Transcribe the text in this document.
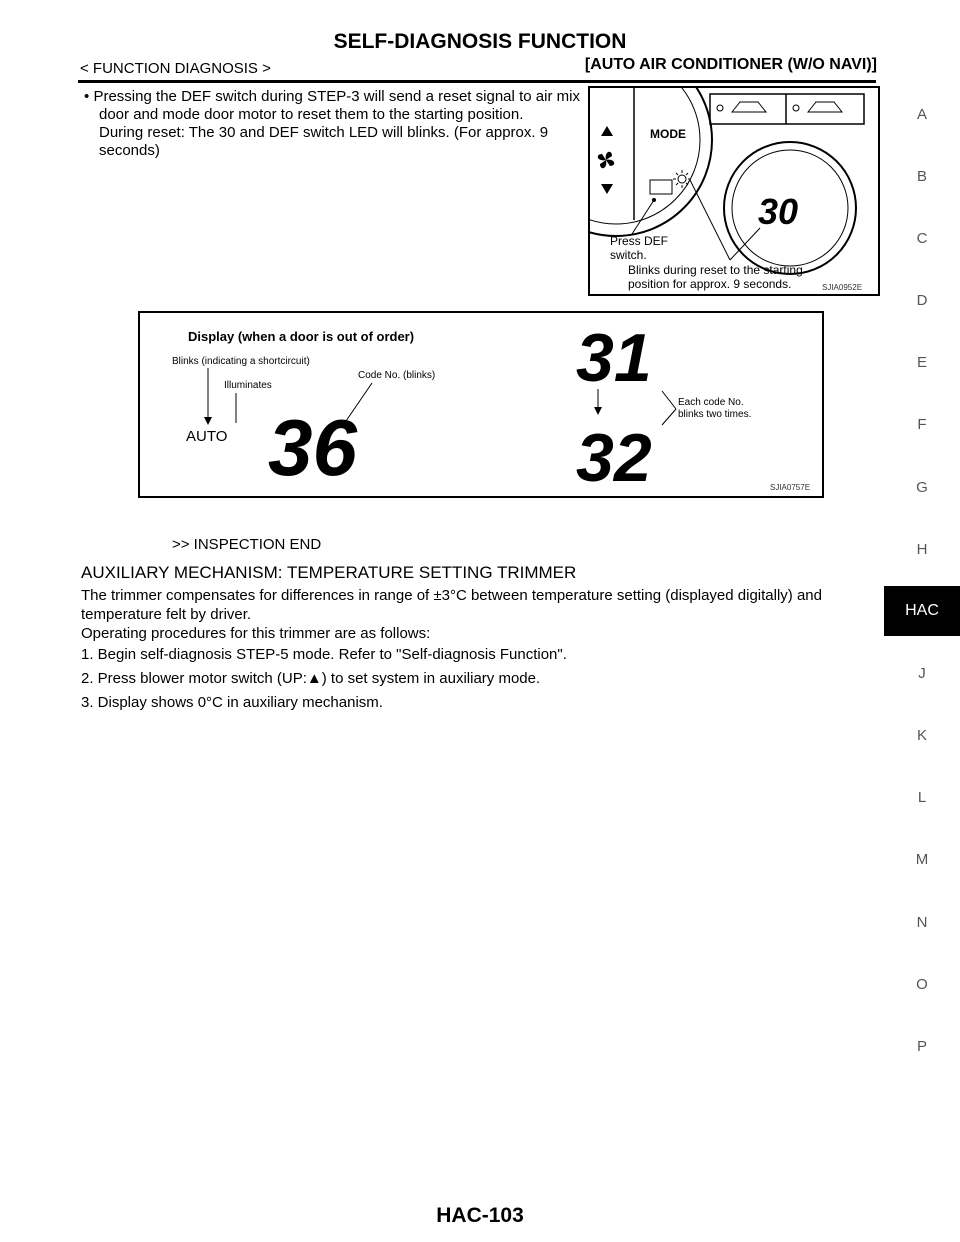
SELF-DIAGNOSIS FUNCTION
< FUNCTION DIAGNOSIS >	[AUTO AIR CONDITIONER (W/O NAVI)]
• Pressing the DEF switch during STEP-3 will send a reset signal to air mix door and mode door motor to reset them to the starting position.
During reset: The 30 and DEF switch LED will blinks. (For approx. 9 seconds)
MODE
30
Press DEF
switch.
Blinks during reset to the starting
position for approx. 9 seconds.	SJIA0952E
Display (when a door is out of order)
Blinks (indicating a shortcircuit)
Illuminates
Code No. (blinks)
AUTO 36
31
32
Each code No.
blinks two times.
SJIA0757E
>> INSPECTION END
AUXILIARY MECHANISM: TEMPERATURE SETTING TRIMMER
The trimmer compensates for differences in range of ±3°C between temperature setting (displayed digitally) and temperature felt by driver.
Operating procedures for this trimmer are as follows:
1. Begin self-diagnosis STEP-5 mode. Refer to "Self-diagnosis Function".
2. Press blower motor switch (UP:▲) to set system in auxiliary mode.
3. Display shows 0°C in auxiliary mechanism.
A
B
C
D
E
F
G
H
HAC
J
K
L
M
N
O
P
HAC-103
